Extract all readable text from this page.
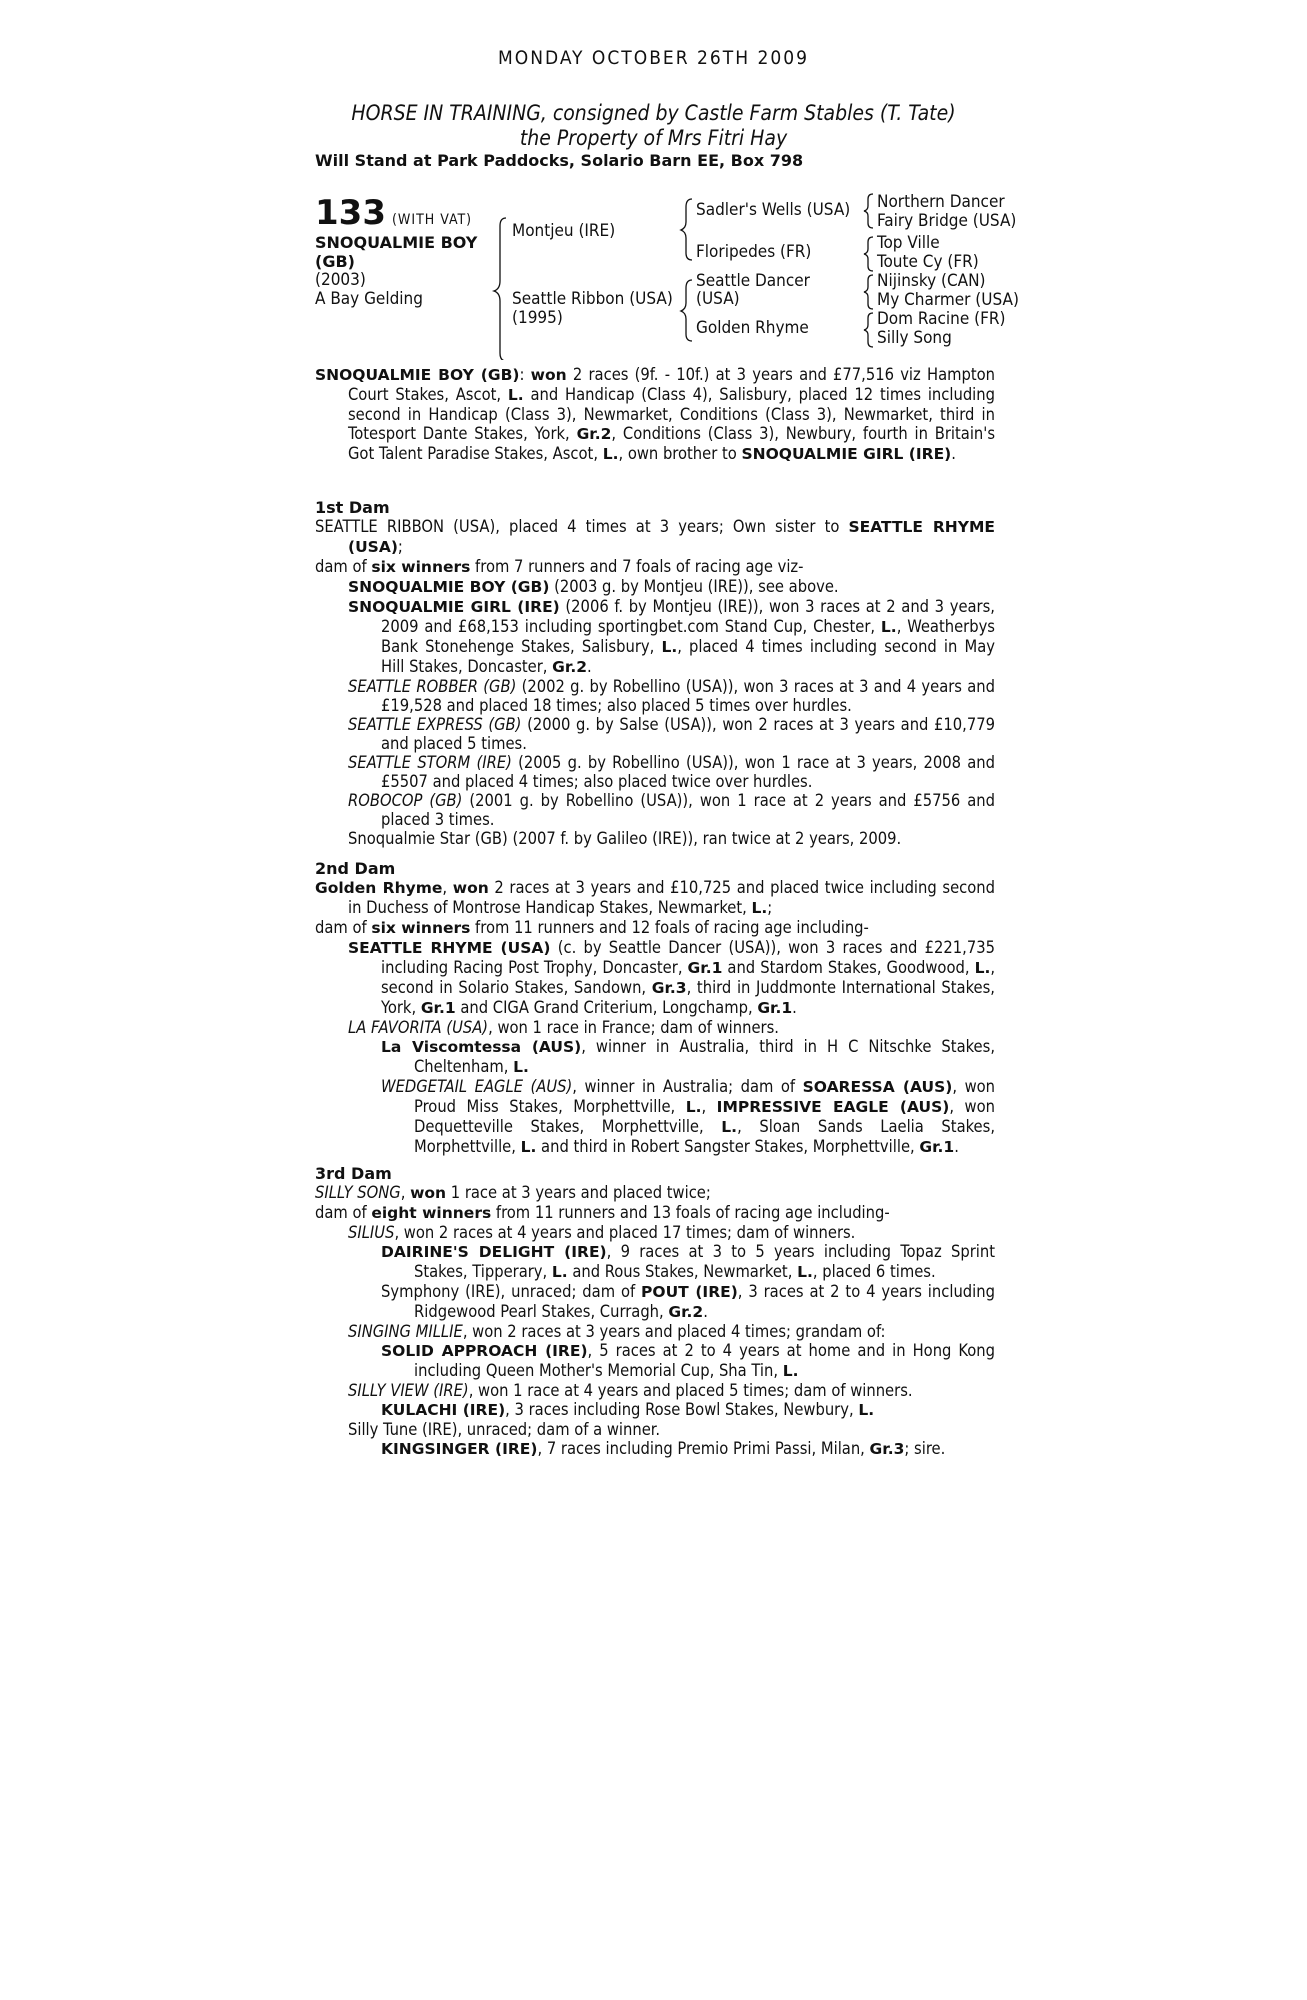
MONDAY OCTOBER 26TH 2009
HORSE IN TRAINING, consigned by Castle Farm Stables (T. Tate)
the Property of Mrs Fitri Hay
Will Stand at Park Paddocks, Solario Barn EE, Box 798
133 (WITH VAT)
SNOQUALMIE BOY
(GB)
(2003)
A Bay Gelding
Montjeu (IRE)
Seattle Ribbon (USA)
(1995)
Sadler's Wells (USA)
Floripedes (FR)
Seattle Dancer
(USA)
Golden Rhyme
Northern Dancer
Fairy Bridge (USA)
Top Ville
Toute Cy (FR)
Nijinsky (CAN)
My Charmer (USA)
Dom Racine (FR)
Silly Song

SNOQUALMIE BOY (GB): won 2 races (9f. - 10f.) at 3 years and £77,516 viz Hampton Court Stakes, Ascot, L. and Handicap (Class 4), Salisbury, placed 12 times including second in Handicap (Class 3), Newmarket, Conditions (Class 3), Newmarket, third in Totesport Dante Stakes, York, Gr.2, Conditions (Class 3), Newbury, fourth in Britain's Got Talent Paradise Stakes, Ascot, L., own brother to SNOQUALMIE GIRL (IRE).

1st Dam

SEATTLE RIBBON (USA), placed 4 times at 3 years; Own sister to SEATTLE RHYME (USA);

dam of six winners from 7 runners and 7 foals of racing age viz-

SNOQUALMIE BOY (GB) (2003 g. by Montjeu (IRE)), see above.

SNOQUALMIE GIRL (IRE) (2006 f. by Montjeu (IRE)), won 3 races at 2 and 3 years, 2009 and £68,153 including sportingbet.com Stand Cup, Chester, L., Weatherbys Bank Stonehenge Stakes, Salisbury, L., placed 4 times including second in May Hill Stakes, Doncaster, Gr.2.

SEATTLE ROBBER (GB) (2002 g. by Robellino (USA)), won 3 races at 3 and 4 years and £19,528 and placed 18 times; also placed 5 times over hurdles.

SEATTLE EXPRESS (GB) (2000 g. by Salse (USA)), won 2 races at 3 years and £10,779 and placed 5 times.

SEATTLE STORM (IRE) (2005 g. by Robellino (USA)), won 1 race at 3 years, 2008 and £5507 and placed 4 times; also placed twice over hurdles.

ROBOCOP (GB) (2001 g. by Robellino (USA)), won 1 race at 2 years and £5756 and placed 3 times.

Snoqualmie Star (GB) (2007 f. by Galileo (IRE)), ran twice at 2 years, 2009.

2nd Dam

Golden Rhyme, won 2 races at 3 years and £10,725 and placed twice including second in Duchess of Montrose Handicap Stakes, Newmarket, L.;

dam of six winners from 11 runners and 12 foals of racing age including-

SEATTLE RHYME (USA) (c. by Seattle Dancer (USA)), won 3 races and £221,735 including Racing Post Trophy, Doncaster, Gr.1 and Stardom Stakes, Goodwood, L., second in Solario Stakes, Sandown, Gr.3, third in Juddmonte International Stakes, York, Gr.1 and CIGA Grand Criterium, Longchamp, Gr.1.

LA FAVORITA (USA), won 1 race in France; dam of winners.

La Viscomtessa (AUS), winner in Australia, third in H C Nitschke Stakes, Cheltenham, L.

WEDGETAIL EAGLE (AUS), winner in Australia; dam of SOARESSA (AUS), won Proud Miss Stakes, Morphettville, L., IMPRESSIVE EAGLE (AUS), won Dequetteville Stakes, Morphettville, L., Sloan Sands Laelia Stakes, Morphettville, L. and third in Robert Sangster Stakes, Morphettville, Gr.1.

3rd Dam

SILLY SONG, won 1 race at 3 years and placed twice;

dam of eight winners from 11 runners and 13 foals of racing age including-

SILIUS, won 2 races at 4 years and placed 17 times; dam of winners.

DAIRINE'S DELIGHT (IRE), 9 races at 3 to 5 years including Topaz Sprint Stakes, Tipperary, L. and Rous Stakes, Newmarket, L., placed 6 times.

Symphony (IRE), unraced; dam of POUT (IRE), 3 races at 2 to 4 years including Ridgewood Pearl Stakes, Curragh, Gr.2.

SINGING MILLIE, won 2 races at 3 years and placed 4 times; grandam of:

SOLID APPROACH (IRE), 5 races at 2 to 4 years at home and in Hong Kong including Queen Mother's Memorial Cup, Sha Tin, L.

SILLY VIEW (IRE), won 1 race at 4 years and placed 5 times; dam of winners.

KULACHI (IRE), 3 races including Rose Bowl Stakes, Newbury, L.

Silly Tune (IRE), unraced; dam of a winner.

KINGSINGER (IRE), 7 races including Premio Primi Passi, Milan, Gr.3; sire.
